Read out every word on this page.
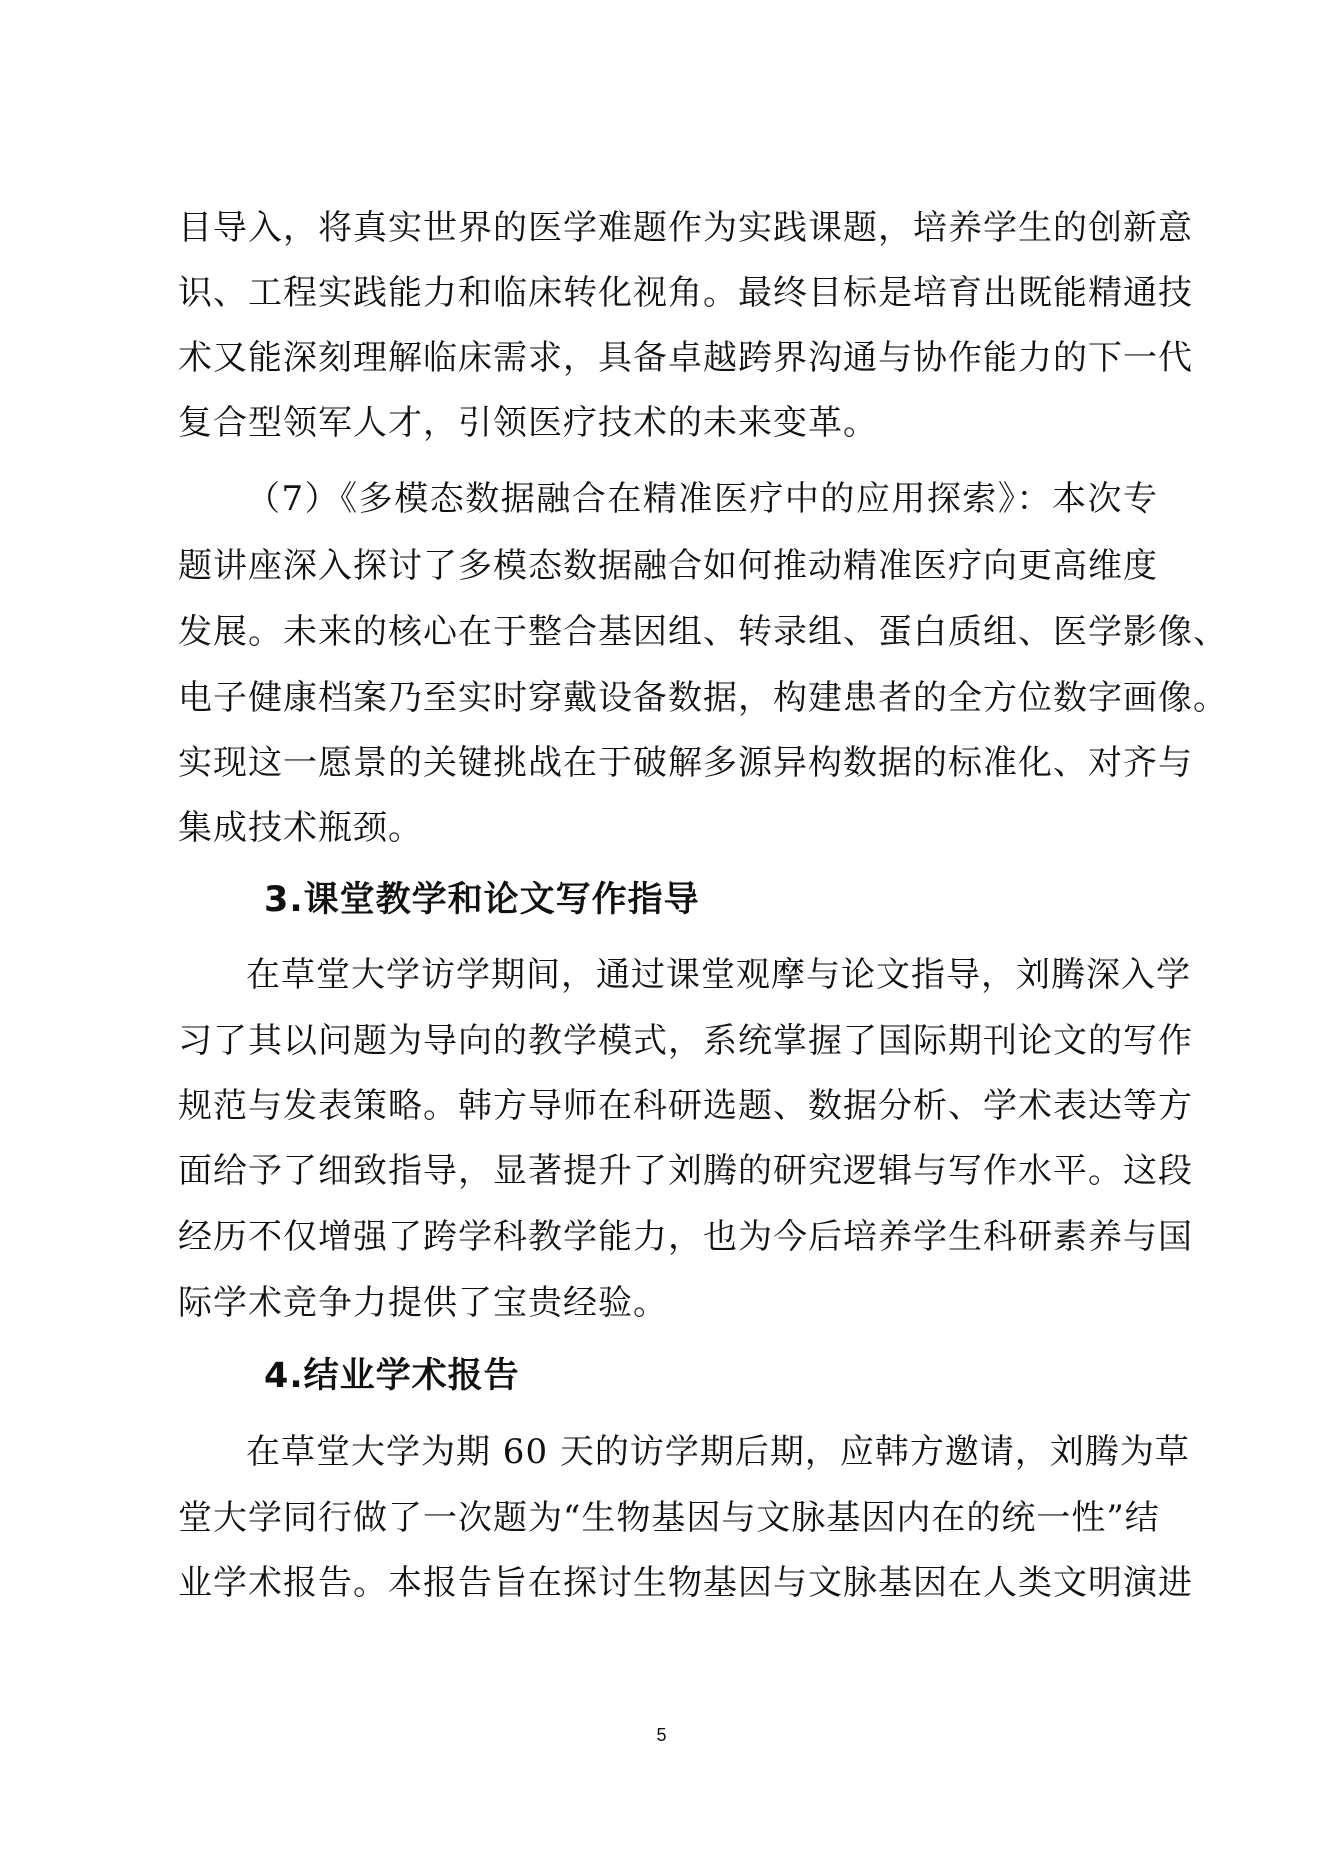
目导入，将真实世界的医学难题作为实践课题，培养学生的创新意
识、工程实践能力和临床转化视角。最终目标是培育出既能精通技
术又能深刻理解临床需求，具备卓越跨界沟通与协作能力的下一代
复合型领军人才，引领医疗技术的未来变革。
（7）《多模态数据融合在精准医疗中的应用探索》：本次专
题讲座深入探讨了多模态数据融合如何推动精准医疗向更高维度
发展。未来的核心在于整合基因组、转录组、蛋白质组、医学影像、
电子健康档案乃至实时穿戴设备数据，构建患者的全方位数字画像。
实现这一愿景的关键挑战在于破解多源异构数据的标准化、对齐与
集成技术瓶颈。
3.课堂教学和论文写作指导
在草堂大学访学期间，通过课堂观摩与论文指导，刘腾深入学
习了其以问题为导向的教学模式，系统掌握了国际期刊论文的写作
规范与发表策略。韩方导师在科研选题、数据分析、学术表达等方
面给予了细致指导，显著提升了刘腾的研究逻辑与写作水平。这段
经历不仅增强了跨学科教学能力，也为今后培养学生科研素养与国
际学术竞争力提供了宝贵经验。
4.结业学术报告
在草堂大学为期 60 天的访学期后期，应韩方邀请，刘腾为草
堂大学同行做了一次题为“生物基因与文脉基因内在的统一性”结
业学术报告。本报告旨在探讨生物基因与文脉基因在人类文明演进
5
